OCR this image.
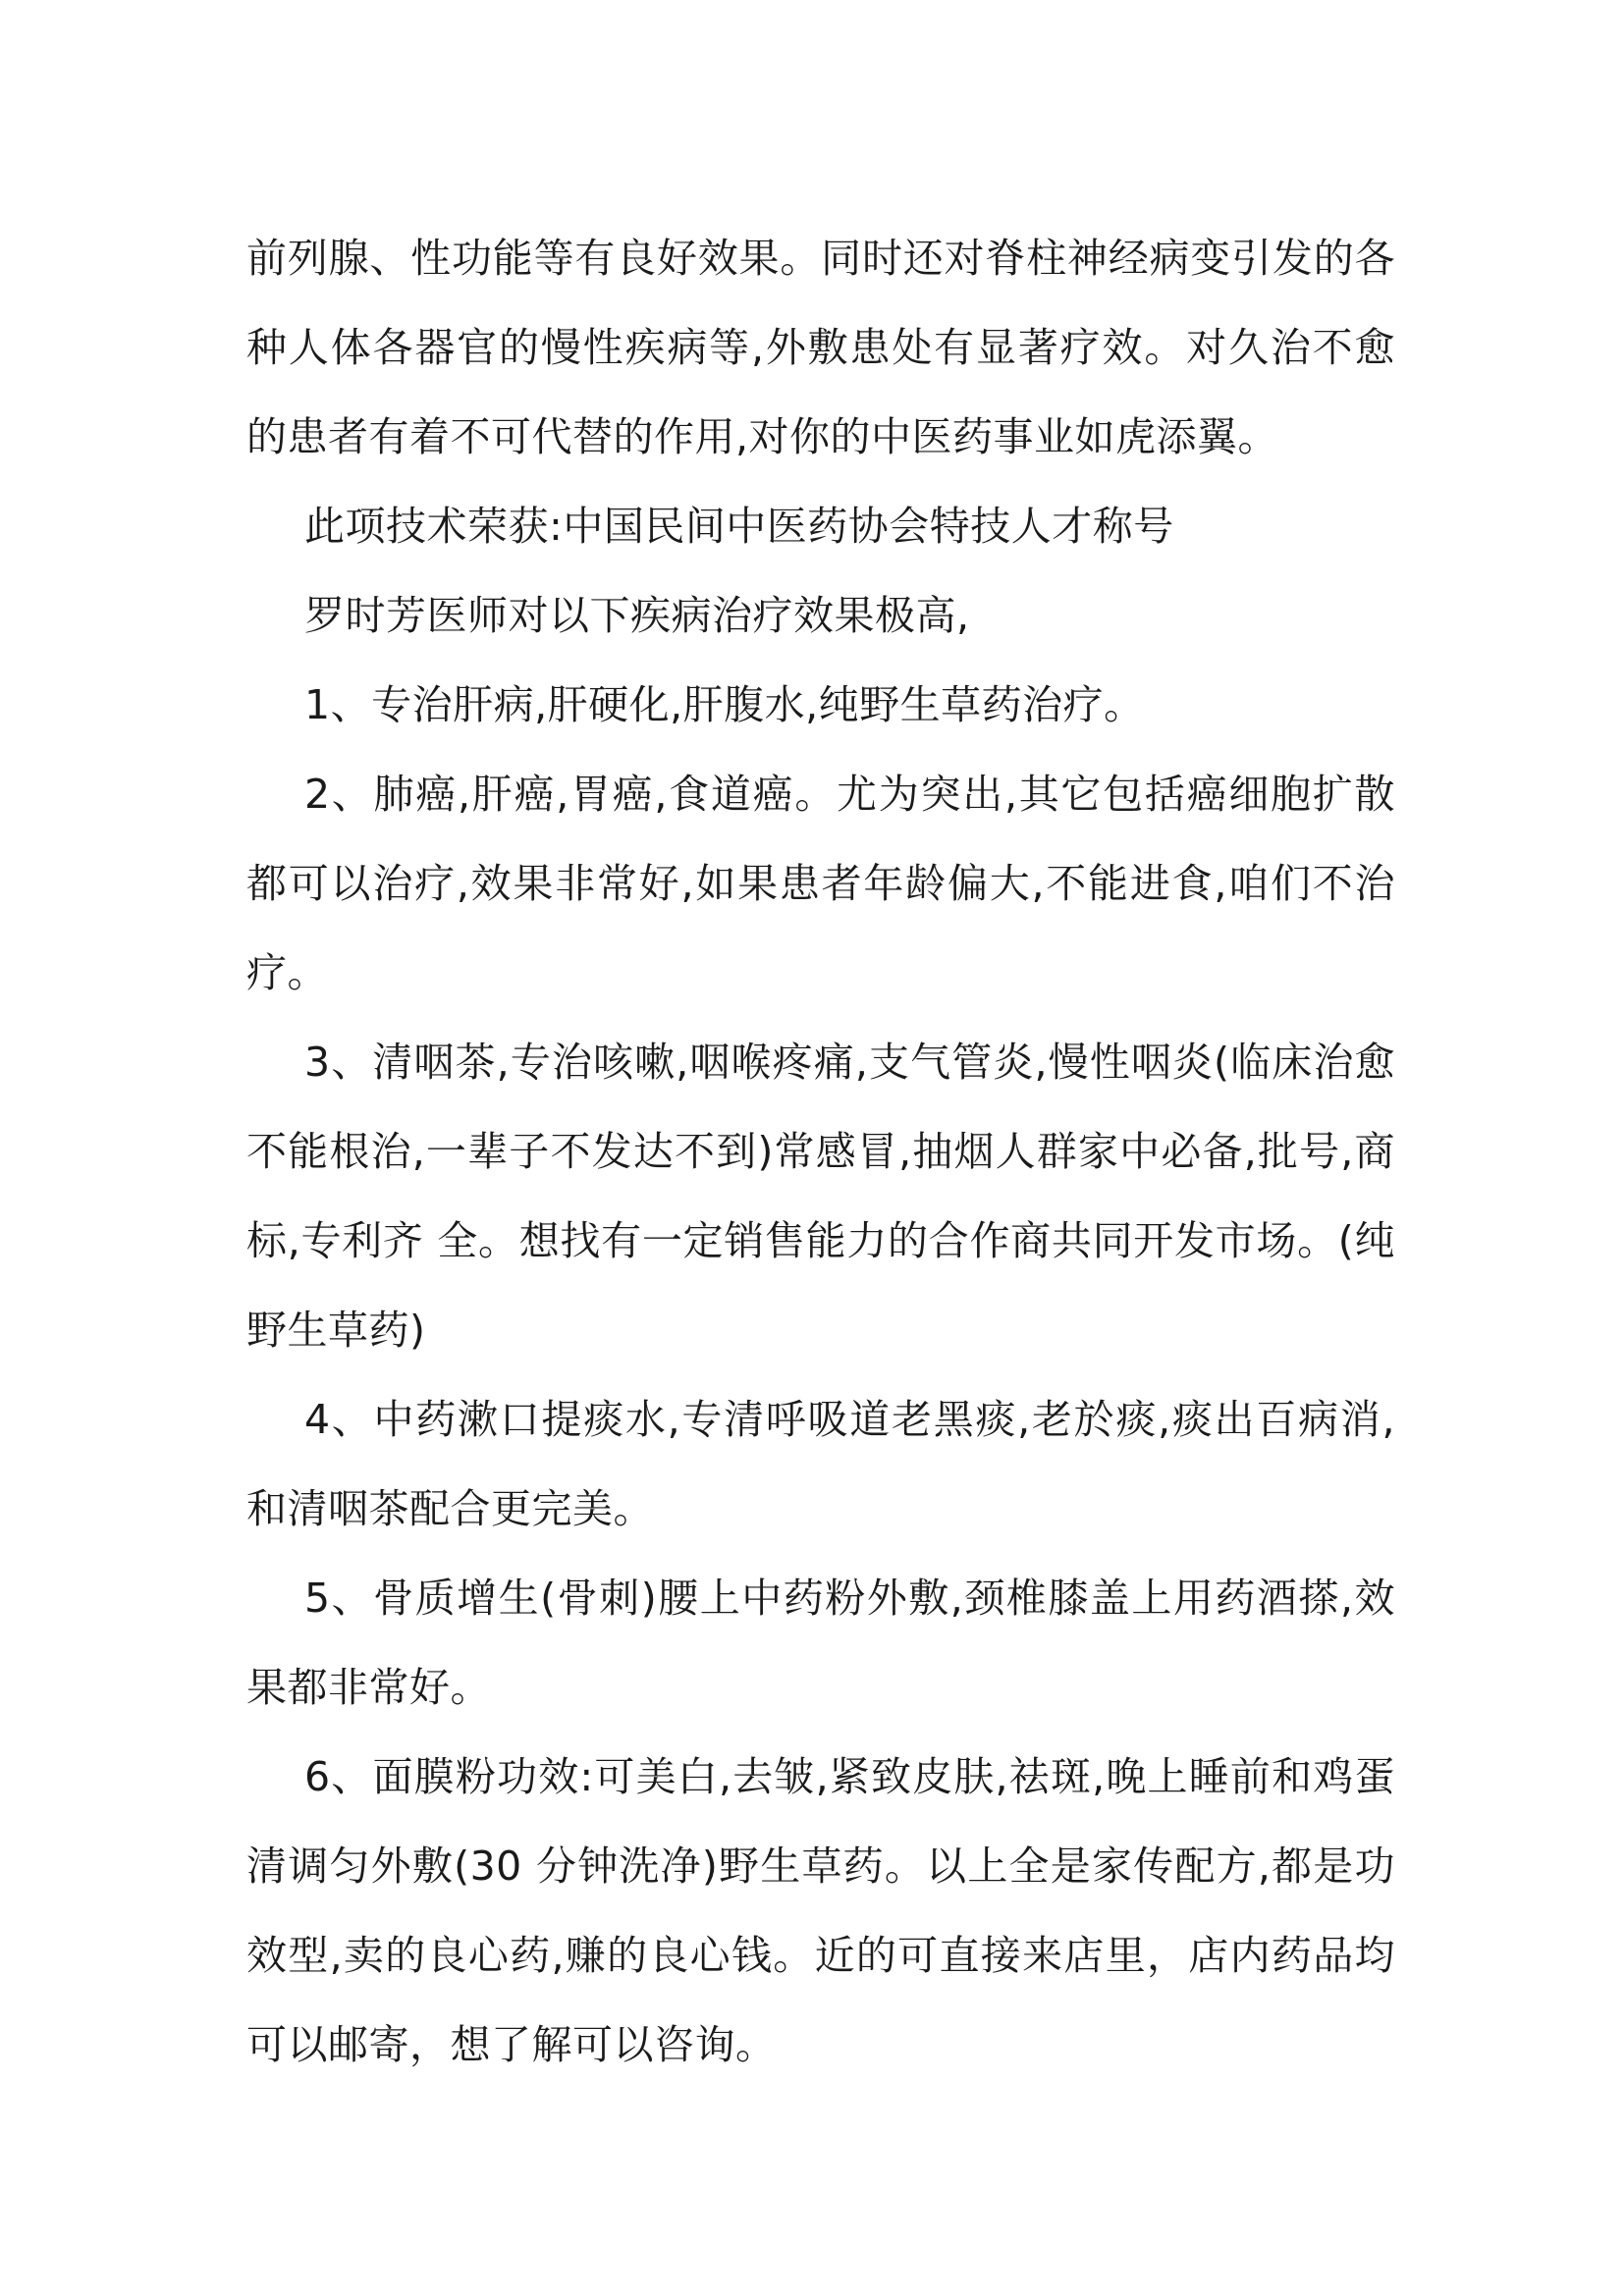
前列腺、性功能等有良好效果。同时还对脊柱神经病变引发的各种人体各器官的慢性疾病等,外敷患处有显著疗效。对久治不愈的患者有着不可代替的作用,对你的中医药事业如虎添翼。

此项技术荣获:中国民间中医药协会特技人才称号

罗时芳医师对以下疾病治疗效果极高,

1、专治肝病,肝硬化,肝腹水,纯野生草药治疗。

2、肺癌,肝癌,胃癌,食道癌。尤为突出,其它包括癌细胞扩散都可以治疗,效果非常好,如果患者年龄偏大,不能进食,咱们不治疗。

3、清咽茶,专治咳嗽,咽喉疼痛,支气管炎,慢性咽炎(临床治愈不能根治,一辈子不发达不到)常感冒,抽烟人群家中必备,批号,商标,专利齐 全。想找有一定销售能力的合作商共同开发市场。(纯野生草药)

4、中药漱口提痰水,专清呼吸道老黑痰,老於痰,痰出百病消,和清咽茶配合更完美。

5、骨质增生(骨刺)腰上中药粉外敷,颈椎膝盖上用药酒搽,效果都非常好。

6、面膜粉功效:可美白,去皱,紧致皮肤,祛斑,晚上睡前和鸡蛋清调匀外敷(30 分钟洗净)野生草药。以上全是家传配方,都是功效型,卖的良心药,赚的良心钱。近的可直接来店里，店内药品均可以邮寄，想了解可以咨询。
